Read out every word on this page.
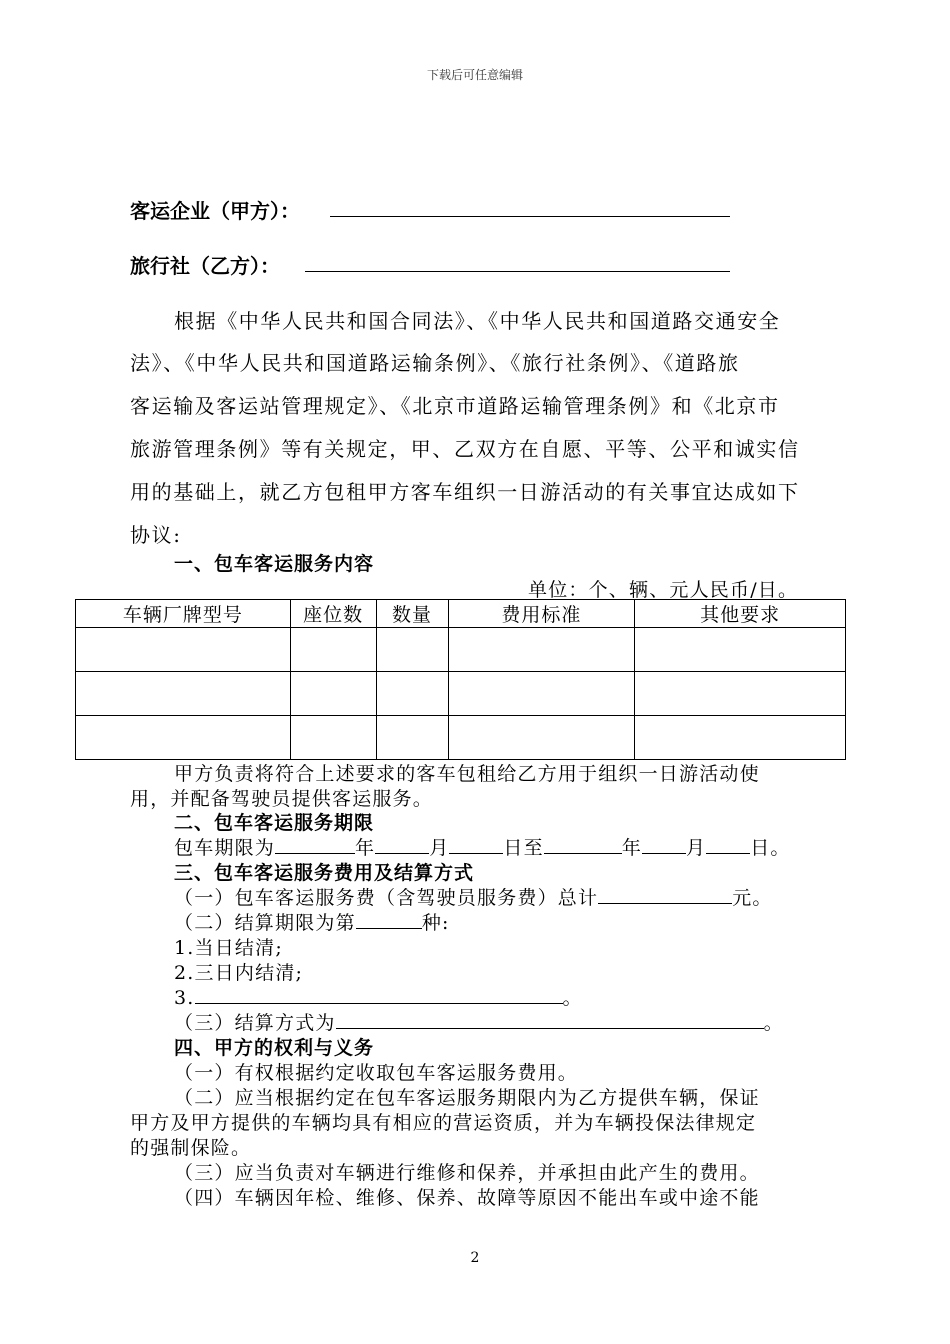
下载后可任意编辑
客运企业（甲方）：
旅行社（乙方）：
根据《中华人民共和国合同法》、《中华人民共和国道路交通安全
法》、《中华人民共和国道路运输条例》、《旅行社条例》、《道路旅
客运输及客运站管理规定》、《北京市道路运输管理条例》和《北京市
旅游管理条例》等有关规定，甲、乙双方在自愿、平等、公平和诚实信
用的基础上，就乙方包租甲方客车组织一日游活动的有关事宜达成如下
协议:
一、包车客运服务内容
单位：个、辆、元人民币/日。
车辆厂牌型号	座位数	数量	费用标准	其他要求

甲方负责将符合上述要求的客车包租给乙方用于组织一日游活动使
用，并配备驾驶员提供客运服务。
二、包车客运服务期限
包车期限为	年	月	日至	年 月 日。
三、包车客运服务费用及结算方式
（一）包车客运服务费（含驾驶员服务费）总计	元。
（二）结算期限为第	种:
1.当日结清;
2.三日内结清;
3.	。
（三）结算方式为	。
四、甲方的权利与义务
（一）有权根据约定收取包车客运服务费用。
（二）应当根据约定在包车客运服务期限内为乙方提供车辆，保证
甲方及甲方提供的车辆均具有相应的营运资质，并为车辆投保法律规定
的强制保险。
（三）应当负责对车辆进行维修和保养，并承担由此产生的费用。
（四）车辆因年检、维修、保养、故障等原因不能出车或中途不能
2
